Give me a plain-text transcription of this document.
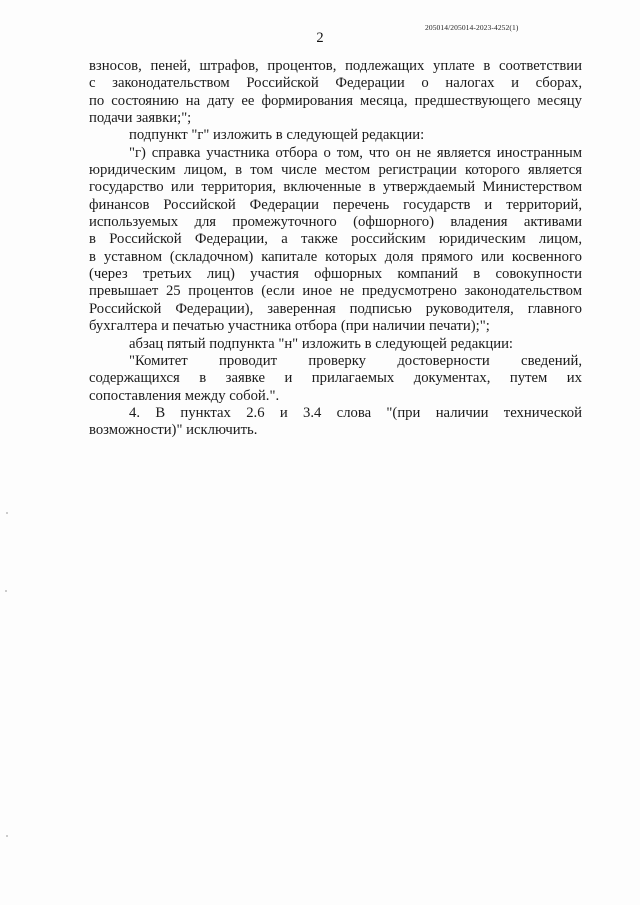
205014/205014-2023-4252(1)
2

взносов, пеней, штрафов, процентов, подлежащих уплате в соответствии
с законодательством Российской Федерации о налогах и сборах,
по состоянию на дату ее формирования месяца, предшествующего месяцу
подачи заявки;";

подпункт "г" изложить в следующей редакции:

"г) справка участника отбора о том, что он не является иностранным
юридическим лицом, в том числе местом регистрации которого является
государство или территория, включенные в утверждаемый Министерством
финансов Российской Федерации перечень государств и территорий,
используемых для промежуточного (офшорного) владения активами
в Российской Федерации, а также российским юридическим лицом,
в уставном (складочном) капитале которых доля прямого или косвенного
(через третьих лиц) участия офшорных компаний в совокупности
превышает 25 процентов (если иное не предусмотрено законодательством
Российской Федерации), заверенная подписью руководителя, главного
бухгалтера и печатью участника отбора (при наличии печати);";

абзац пятый подпункта "н" изложить в следующей редакции:

"Комитет проводит проверку достоверности сведений,
содержащихся в заявке и прилагаемых документах, путем их
сопоставления между собой.".

4. В пунктах 2.6 и 3.4 слова "(при наличии технической
возможности)" исключить.
